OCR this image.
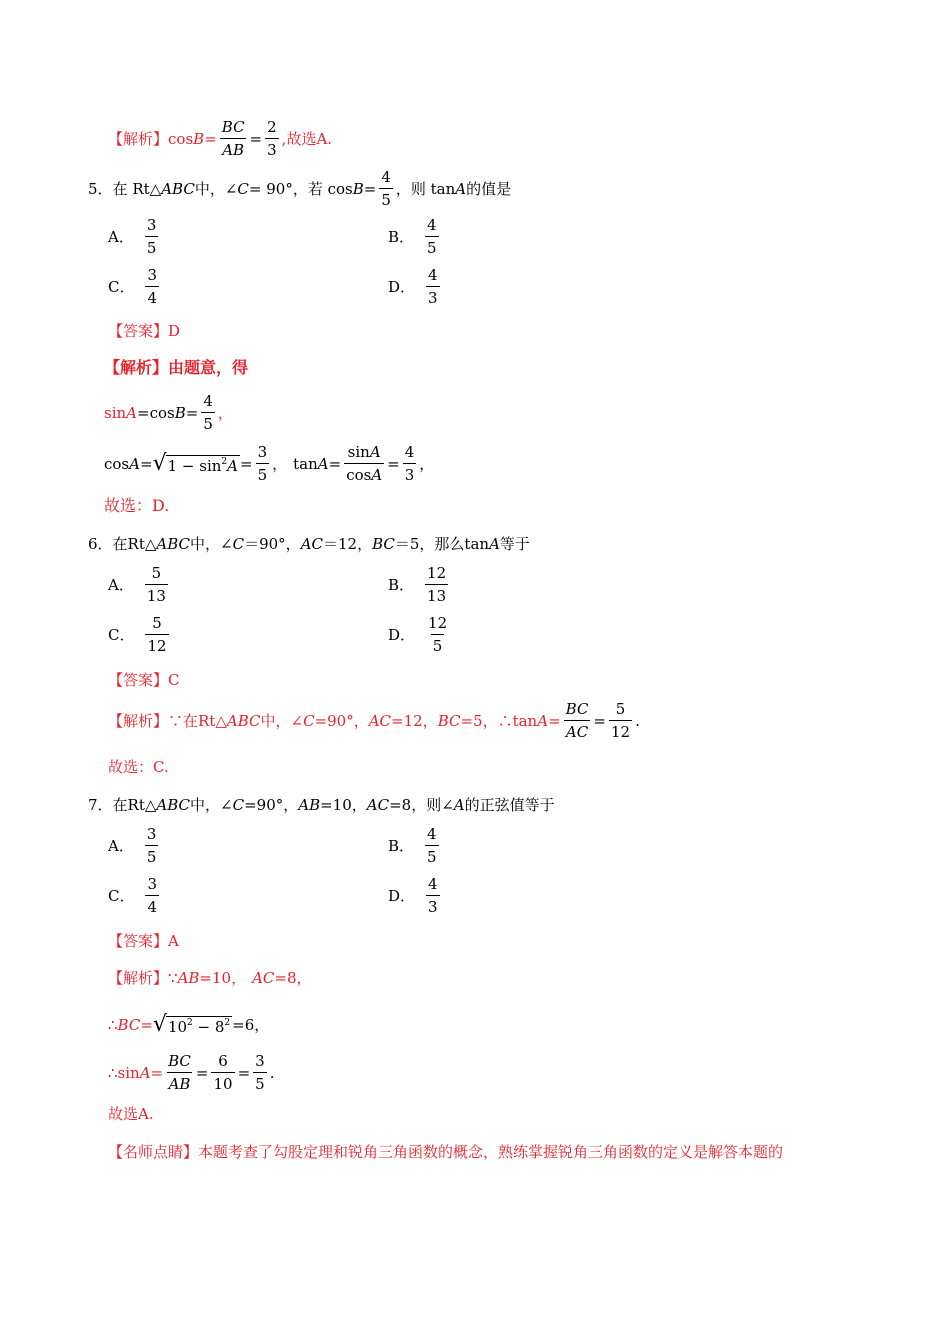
【解析】 $\cos B = \frac{BC}{AB} = \frac{2}{3}$ ,故选A.
5． 在 Rt△ ABC 中， ∠ C = 90°，若 $\cos B = \frac{4}{5}$ ，则 tan A 的值是
A． $\frac{3}{5}$	B． $\frac{4}{5}$
C． $\frac{3}{4}$	D． $\frac{4}{3}$
【答案】 D
【解析】 由题意，得
sin A =cos $B = \frac{4}{5}$ ，
cos A = √ $1 - \sin^2A = \frac{3}{5}$ ， $\tan A = \frac{\sin A}{\cos A} = \frac{4}{3}$ ，
故选：D.
6． 在Rt△ ABC 中，∠ C ＝90°， AC ＝12， BC ＝5，那么tan A 等于
A． $\frac{5}{13}$	B． $\frac{12}{13}$
C． $\frac{5}{12}$	D． $\frac{12}{5}$
【答案】 C
【解析】 ∵在Rt△ ABC 中，∠ C =90°， AC =12， BC =5，∴tan $A = \frac{BC}{AC} = \frac{5}{12}$ .
故选：C.
7． 在Rt△ ABC 中，∠ C =90°， AB =10， AC =8，则∠ A 的正弦值等于
A． $\frac{3}{5}$	B． $\frac{4}{5}$
C． $\frac{3}{4}$	D． $\frac{4}{3}$
【答案】 A
【解析】 ∵ AB =10， AC =8，
∴ BC = √ $10^2 - 8^2 =6$，
∴sin $A = \frac{BC}{AB} = \frac{6}{10} = \frac{3}{5}$ .
故选A.
【名师点睛】 本题考查了勾股定理和锐角三角函数的概念，熟练掌握锐角三角函数的定义是解答本题的
